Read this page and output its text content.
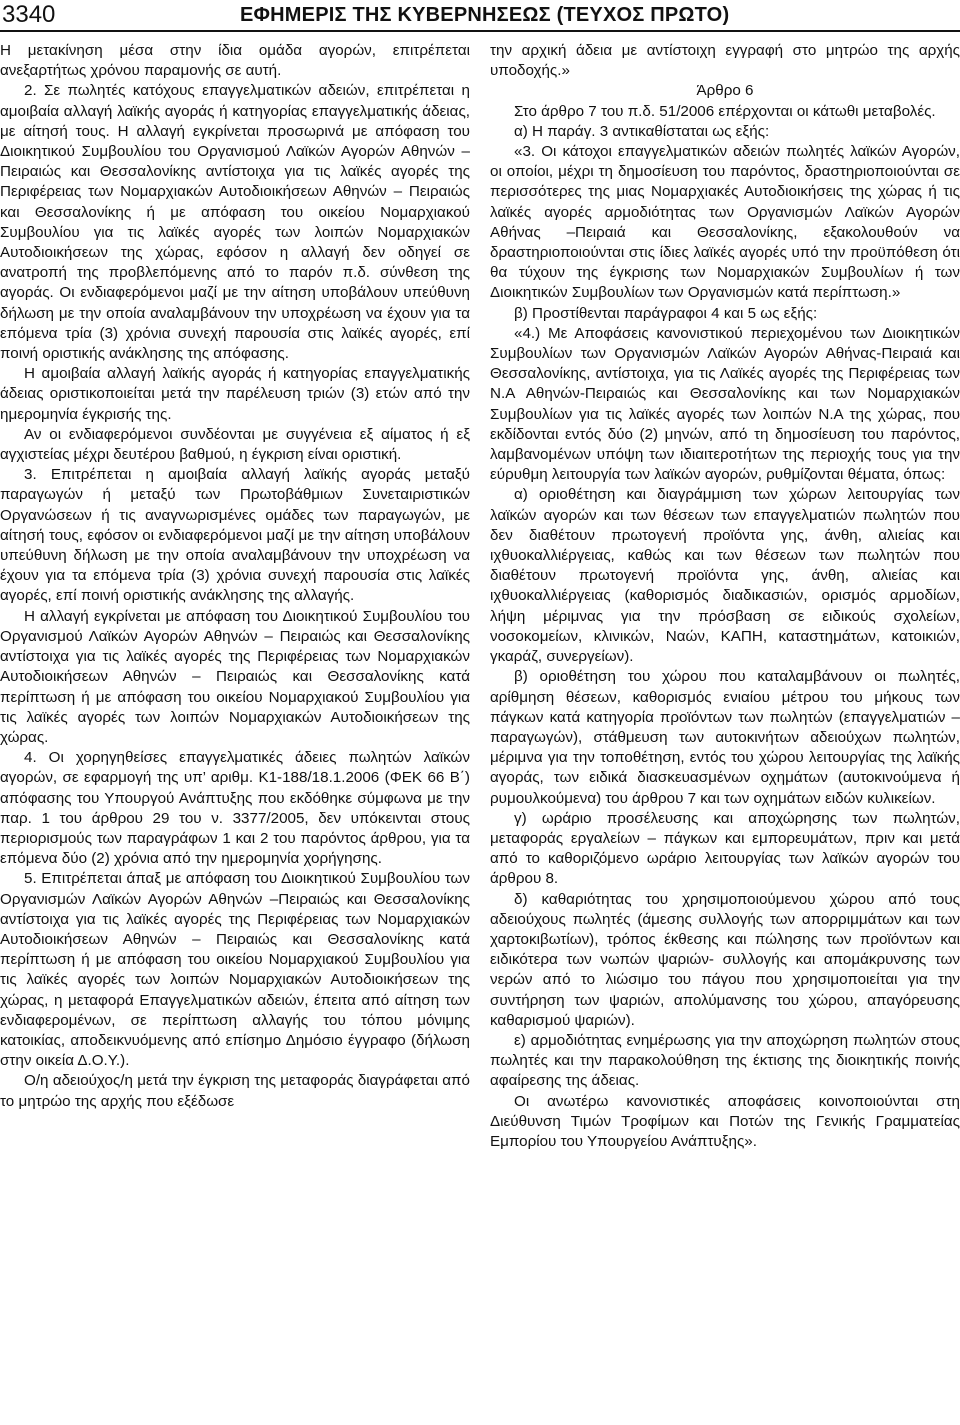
3340	ΕΦΗΜΕΡΙΣ ΤΗΣ ΚΥΒΕΡΝΗΣΕΩΣ (ΤΕΥΧΟΣ ΠΡΩΤΟ)

Η μετακίνηση μέσα στην ίδια ομάδα αγορών, επιτρέπεται ανεξαρτήτως χρόνου παραμονής σε αυτή.

2. Σε πωλητές κατόχους επαγγελματικών αδειών, επιτρέπεται η αμοιβαία αλλαγή λαϊκής αγοράς ή κατηγορίας επαγγελματικής άδειας, με αίτησή τους. Η αλλαγή εγκρίνεται προσωρινά με απόφαση του Διοικητικού Συμβουλίου του Οργανισμού Λαϊκών Αγορών Αθηνών – Πειραιώς και Θεσσαλονίκης αντίστοιχα για τις λαϊκές αγορές της Περιφέρειας των Νομαρχιακών Αυτοδιοικήσεων Αθηνών – Πειραιώς και Θεσσαλονίκης ή με απόφαση του οικείου Νομαρχιακού Συμβουλίου για τις λαϊκές αγορές των λοιπών Νομαρχιακών Αυτοδιοικήσεων της χώρας, εφόσον η αλλαγή δεν οδηγεί σε ανατροπή της προβλεπόμενης από το παρόν π.δ. σύνθεση της αγοράς. Οι ενδιαφερόμενοι μαζί με την αίτηση υποβάλουν υπεύθυνη δήλωση με την οποία αναλαμβάνουν την υποχρέωση να έχουν για τα επόμενα τρία (3) χρόνια συνεχή παρουσία στις λαϊκές αγορές, επί ποινή οριστικής ανάκλησης της απόφασης.

Η αμοιβαία αλλαγή λαϊκής αγοράς ή κατηγορίας επαγγελματικής άδειας οριστικοποιείται μετά την παρέλευση τριών (3) ετών από την ημερομηνία έγκρισής της.

Αν οι ενδιαφερόμενοι συνδέονται με συγγένεια εξ αίματος ή εξ αγχιστείας μέχρι δευτέρου βαθμού, η έγκριση είναι οριστική.

3. Επιτρέπεται η αμοιβαία αλλαγή λαϊκής αγοράς μεταξύ παραγωγών ή μεταξύ των Πρωτοβάθμιων Συνεταιριστικών Οργανώσεων ή τις αναγνωρισμένες ομάδες των παραγωγών, με αίτησή τους, εφόσον οι ενδιαφερόμενοι μαζί με την αίτηση υποβάλουν υπεύθυνη δήλωση με την οποία αναλαμβάνουν την υποχρέωση να έχουν για τα επόμενα τρία (3) χρόνια συνεχή παρουσία στις λαϊκές αγορές, επί ποινή οριστικής ανάκλησης της αλλαγής.

Η αλλαγή εγκρίνεται με απόφαση του Διοικητικού Συμβουλίου του Οργανισμού Λαϊκών Αγορών Αθηνών – Πειραιώς και Θεσσαλονίκης αντίστοιχα για τις λαϊκές αγορές της Περιφέρειας των Νομαρχιακών Αυτοδιοικήσεων Αθηνών – Πειραιώς και Θεσσαλονίκης κατά περίπτωση ή με απόφαση του οικείου Νομαρχιακού Συμβουλίου για τις λαϊκές αγορές των λοιπών Νομαρχιακών Αυτοδιοικήσεων της χώρας.

4. Οι χορηγηθείσες επαγγελματικές άδειες πωλητών λαϊκών αγορών, σε εφαρμογή της υπ’ αριθμ. Κ1-188/18.1.2006 (ΦΕΚ 66 Β΄) απόφασης του Υπουργού Ανάπτυξης που εκδόθηκε σύμφωνα με την παρ. 1 του άρθρου 29 του ν. 3377/2005, δεν υπόκεινται στους περιορισμούς των παραγράφων 1 και 2 του παρόντος άρθρου, για τα επόμενα δύο (2) χρόνια από την ημερομηνία χορήγησης.

5. Επιτρέπεται άπαξ με απόφαση του Διοικητικού Συμβουλίου των Οργανισμών Λαϊκών Αγορών Αθηνών –Πειραιώς και Θεσσαλονίκης αντίστοιχα για τις λαϊκές αγορές της Περιφέρειας των Νομαρχιακών Αυτοδιοικήσεων Αθηνών – Πειραιώς και Θεσσαλονίκης κατά περίπτωση ή με απόφαση του οικείου Νομαρχιακού Συμβουλίου για τις λαϊκές αγορές των λοιπών Νομαρχιακών Αυτοδιοικήσεων της χώρας, η μεταφορά Επαγγελματικών αδειών, έπειτα από αίτηση των ενδιαφερομένων, σε περίπτωση αλλαγής του τόπου μόνιμης κατοικίας, αποδεικνυόμενης από επίσημο Δημόσιο έγγραφο (δήλωση στην οικεία Δ.Ο.Υ.).

Ο/η αδειούχος/η μετά την έγκριση της μεταφοράς διαγράφεται από το μητρώο της αρχής που εξέδωσε

την αρχική άδεια με αντίστοιχη εγγραφή στο μητρώο της αρχής υποδοχής.»

Άρθρο 6

Στο άρθρο 7 του π.δ. 51/2006 επέρχονται οι κάτωθι μεταβολές.

α) Η παράγ. 3 αντικαθίσταται ως εξής:

«3. Οι κάτοχοι επαγγελματικών αδειών πωλητές λαϊκών Αγορών, οι οποίοι, μέχρι τη δημοσίευση του παρόντος, δραστηριοποιούνται σε περισσότερες της μιας Νομαρχιακές Αυτοδιοικήσεις της χώρας ή τις λαϊκές αγορές αρμοδιότητας των Οργανισμών Λαϊκών Αγορών Αθήνας –Πειραιά και Θεσσαλονίκης, εξακολουθούν να δραστηριοποιούνται στις ίδιες λαϊκές αγορές υπό την προϋπόθεση ότι θα τύχουν της έγκρισης των Νομαρχιακών Συμβουλίων ή των Διοικητικών Συμβουλίων των Οργανισμών κατά περίπτωση.»

β) Προστίθενται παράγραφοι 4 και 5 ως εξής:

«4.) Με Αποφάσεις κανονιστικού περιεχομένου των Διοικητικών Συμβουλίων των Οργανισμών Λαϊκών Αγορών Αθήνας-Πειραιά και Θεσσαλονίκης, αντίστοιχα, για τις Λαϊκές αγορές της Περιφέρειας των Ν.Α Αθηνών-Πειραιώς και Θεσσαλονίκης και των Νομαρχιακών Συμβουλίων για τις λαϊκές αγορές των λοιπών Ν.Α της χώρας, που εκδίδονται εντός δύο (2) μηνών, από τη δημοσίευση του παρόντος, λαμβανομένων υπόψη των ιδιαιτεροτήτων της περιοχής τους για την εύρυθμη λειτουργία των λαϊκών αγορών, ρυθμίζονται θέματα, όπως:

α) οριοθέτηση και διαγράμμιση των χώρων λειτουργίας των λαϊκών αγορών και των θέσεων των επαγγελματιών πωλητών που δεν διαθέτουν πρωτογενή προϊόντα γης, άνθη, αλιείας και ιχθυοκαλλιέργειας, καθώς και των θέσεων των πωλητών που διαθέτουν πρωτογενή προϊόντα γης, άνθη, αλιείας και ιχθυοκαλλιέργειας (καθορισμός διαδικασιών, ορισμός αρμοδίων, λήψη μέριμνας για την πρόσβαση σε ειδικούς σχολείων, νοσοκομείων, κλινικών, Ναών, ΚΑΠΗ, καταστημάτων, κατοικιών, γκαράζ, συνεργείων).

β) οριοθέτηση του χώρου που καταλαμβάνουν οι πωλητές, αρίθμηση θέσεων, καθορισμός ενιαίου μέτρου του μήκους των πάγκων κατά κατηγορία προϊόντων των πωλητών (επαγγελματιών – παραγωγών), στάθμευση των αυτοκινήτων αδειούχων πωλητών, μέριμνα για την τοποθέτηση, εντός του χώρου λειτουργίας της λαϊκής αγοράς, των ειδικά διασκευασμένων οχημάτων (αυτοκινούμενα ή ρυμουλκούμενα) του άρθρου 7 και των οχημάτων ειδών κυλικείων.

γ) ωράριο προσέλευσης και αποχώρησης των πωλητών, μεταφοράς εργαλείων – πάγκων και εμπορευμάτων, πριν και μετά από το καθοριζόμενο ωράριο λειτουργίας των λαϊκών αγορών του άρθρου 8.

δ) καθαριότητας του χρησιμοποιούμενου χώρου από τους αδειούχους πωλητές (άμεσης συλλογής των απορριμμάτων και των χαρτοκιβωτίων), τρόπος έκθεσης και πώλησης των προϊόντων και ειδικότερα των νωπών ψαριών- συλλογής και απομάκρυνσης των νερών από το λιώσιμο του πάγου που χρησιμοποιείται για την συντήρηση των ψαριών, απολύμανσης του χώρου, απαγόρευσης καθαρισμού ψαριών).

ε) αρμοδιότητας ενημέρωσης για την αποχώρηση πωλητών στους πωλητές και την παρακολούθηση της έκτισης της διοικητικής ποινής αφαίρεσης της άδειας.

Οι ανωτέρω κανονιστικές αποφάσεις κοινοποιούνται στη Διεύθυνση Τιμών Τροφίμων και Ποτών της Γενικής Γραμματείας Εμπορίου του Υπουργείου Ανάπτυξης».
